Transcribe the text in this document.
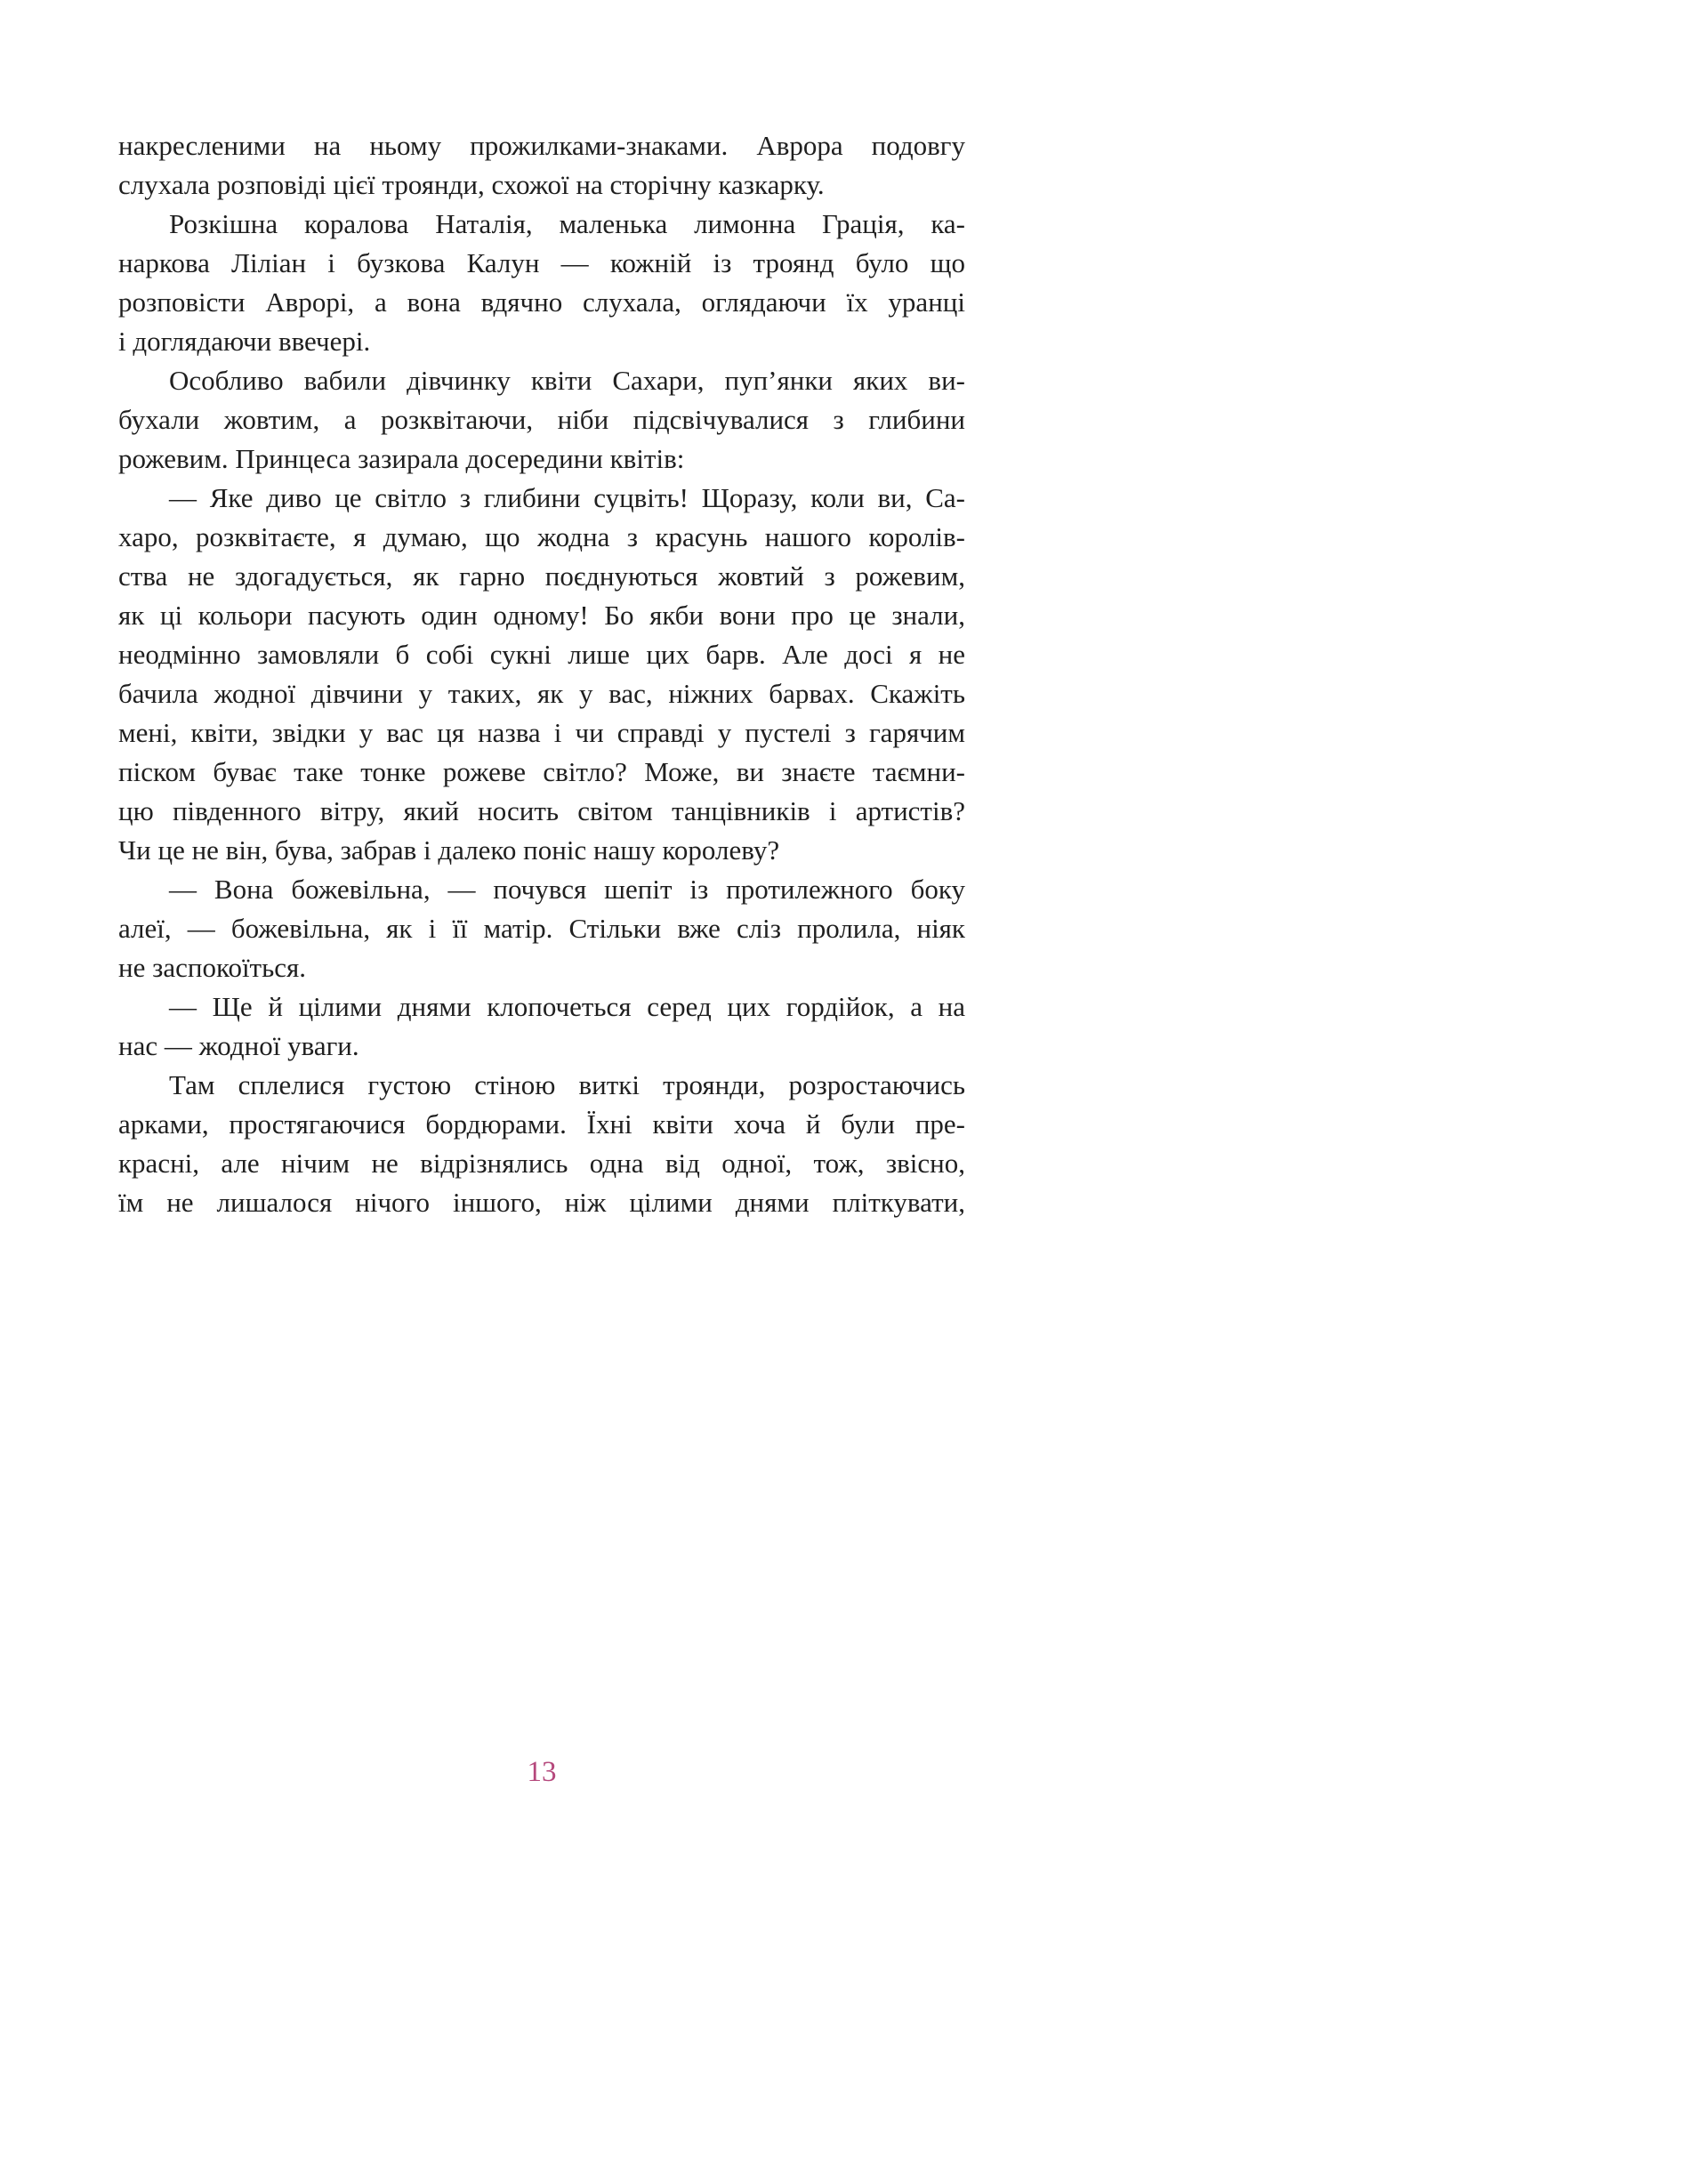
накресленими на ньому прожилками-знаками. Аврора подовгу
слухала розповіді цієї троянди, схожої на сторічну казкарку.
Розкішна коралова Наталія, маленька лимонна Грація, ка-
наркова Ліліан і бузкова Калун — кожній із троянд було що
розповісти Аврорі, а вона вдячно слухала, оглядаючи їх уранці
і доглядаючи ввечері.
Особливо вабили дівчинку квіти Сахари, пуп’янки яких ви-
бухали жовтим, а розквітаючи, ніби підсвічувалися з глибини
рожевим. Принцеса зазирала досередини квітів:
— Яке диво це світло з глибини суцвіть! Щоразу, коли ви, Са-
харо, розквітаєте, я думаю, що жодна з красунь нашого королів-
ства не здогадується, як гарно поєднуються жовтий з рожевим,
як ці кольори пасують один одному! Бо якби вони про це знали,
неодмінно замовляли б собі сукні лише цих барв. Але досі я не
бачила жодної дівчини у таких, як у вас, ніжних барвах. Скажіть
мені, квіти, звідки у вас ця назва і чи справді у пустелі з гарячим
піском буває таке тонке рожеве світло? Може, ви знаєте таємни-
цю південного вітру, який носить світом танцівників і артистів?
Чи це не він, бува, забрав і далеко поніс нашу королеву?
— Вона божевільна, — почувся шепіт із протилежного боку
алеї, — божевільна, як і її матір. Стільки вже сліз пролила, ніяк
не заспокоїться.
— Ще й цілими днями клопочеться серед цих гордійок, а на
нас — жодної уваги.
Там сплелися густою стіною виткі троянди, розростаючись
арками, простягаючися бордюрами. Їхні квіти хоча й були пре-
красні, але нічим не відрізнялись одна від одної, тож, звісно,
їм не лишалося нічого іншого, ніж цілими днями пліткувати,
13
